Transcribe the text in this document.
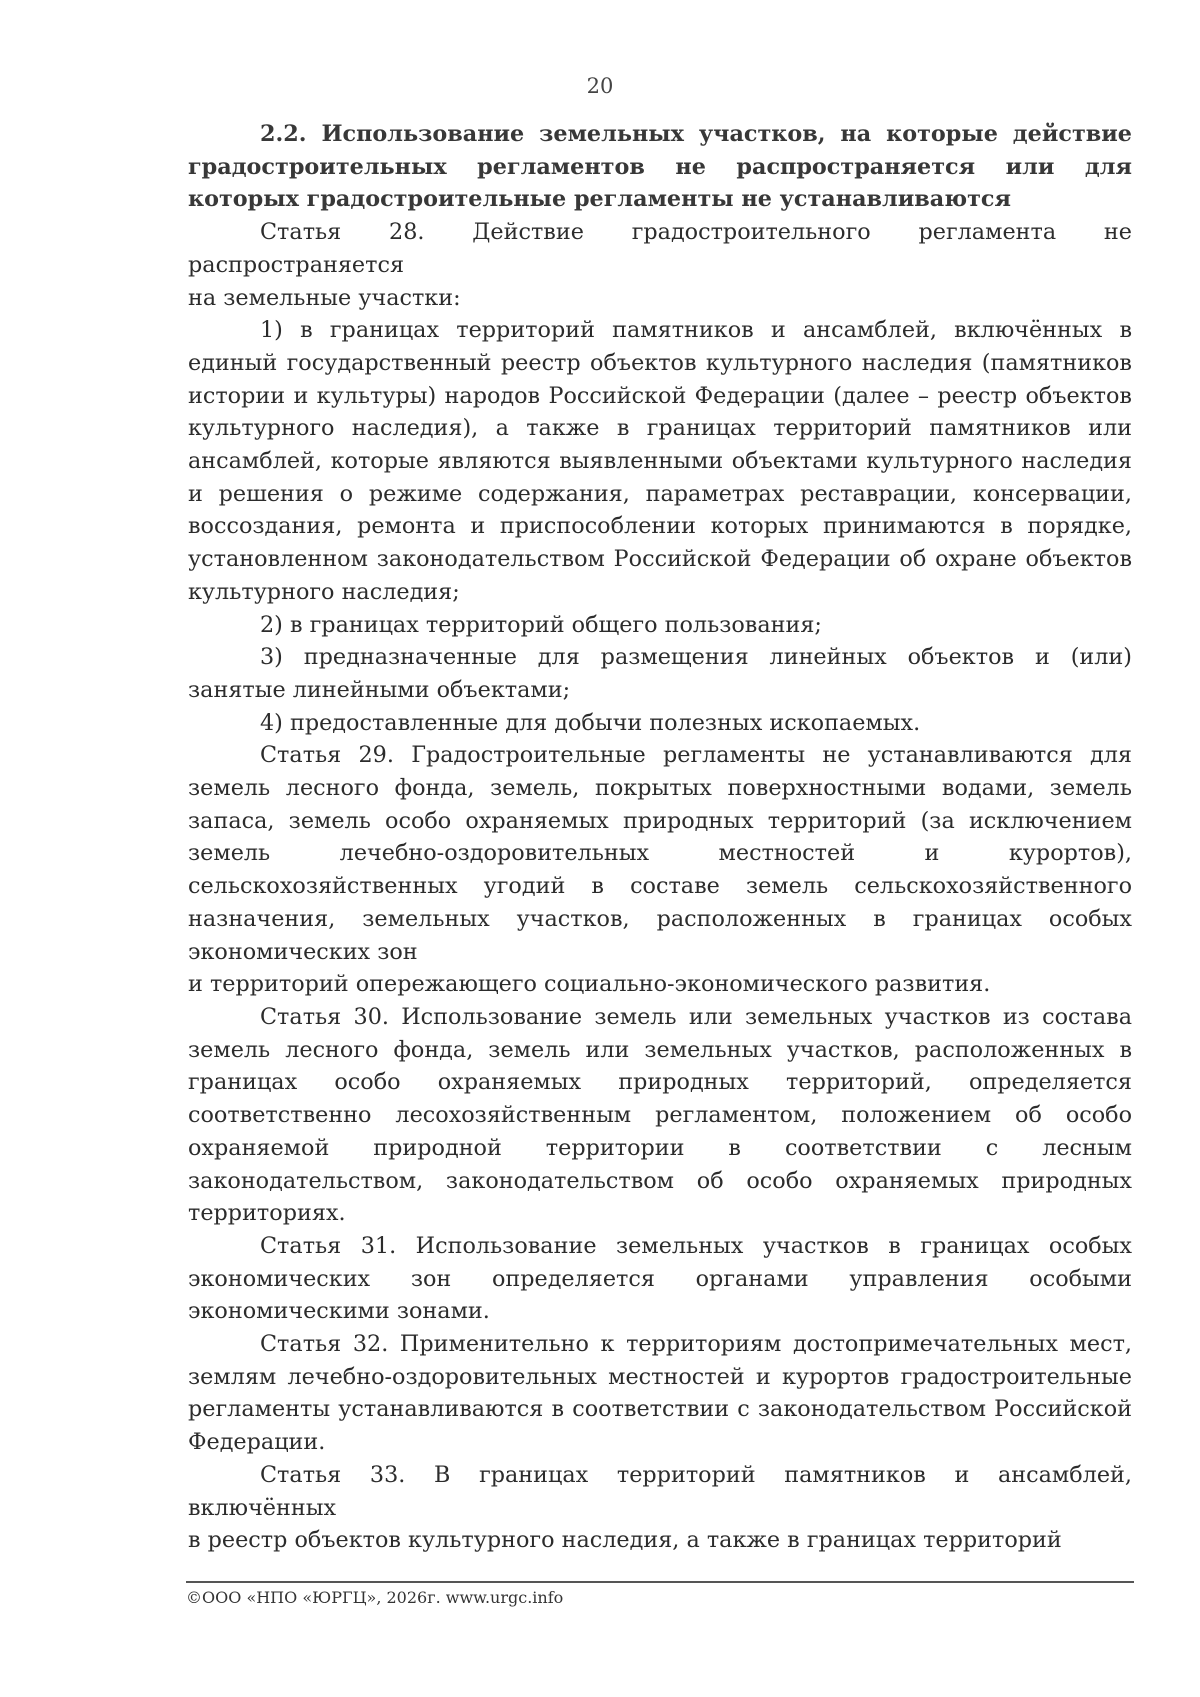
20

2.2. Использование земельных участков, на которые действие градостроительных регламентов не распространяется или для которых градостроительные регламенты не устанавливаются

Статья 28. Действие градостроительного регламента не распространяется

на земельные участки:

1) в границах территорий памятников и ансамблей, включённых в единый государственный реестр объектов культурного наследия (памятников истории и культуры) народов Российской Федерации (далее – реестр объектов культурного наследия), а также в границах территорий памятников или ансамблей, которые являются выявленными объектами культурного наследия и решения о режиме содержания, параметрах реставрации, консервации, воссоздания, ремонта и приспособлении которых принимаются в порядке, установленном законодательством Российской Федерации об охране объектов культурного наследия;

2) в границах территорий общего пользования;

3) предназначенные для размещения линейных объектов и (или) занятые линейными объектами;

4) предоставленные для добычи полезных ископаемых.

Статья 29. Градостроительные регламенты не устанавливаются для земель лесного фонда, земель, покрытых поверхностными водами, земель запаса, земель особо охраняемых природных территорий (за исключением земель лечебно-оздоровительных местностей и курортов), сельскохозяйственных угодий в составе земель сельскохозяйственного назначения, земельных участков, расположенных в границах особых экономических зон

и территорий опережающего социально-экономического развития.

Статья 30. Использование земель или земельных участков из состава земель лесного фонда, земель или земельных участков, расположенных в границах особо охраняемых природных территорий, определяется соответственно лесохозяйственным регламентом, положением об особо охраняемой природной территории в соответствии с лесным законодательством, законодательством об особо охраняемых природных территориях.

Статья 31. Использование земельных участков в границах особых экономических зон определяется органами управления особыми экономическими зонами.

Статья 32. Применительно к территориям достопримечательных мест, землям лечебно-оздоровительных местностей и курортов градостроительные регламенты устанавливаются в соответствии с законодательством Российской Федерации.

Статья 33. В границах территорий памятников и ансамблей, включённых

в реестр объектов культурного наследия, а также в границах территорий

©ООО «НПО «ЮРГЦ», 2026г. www.urgc.info
